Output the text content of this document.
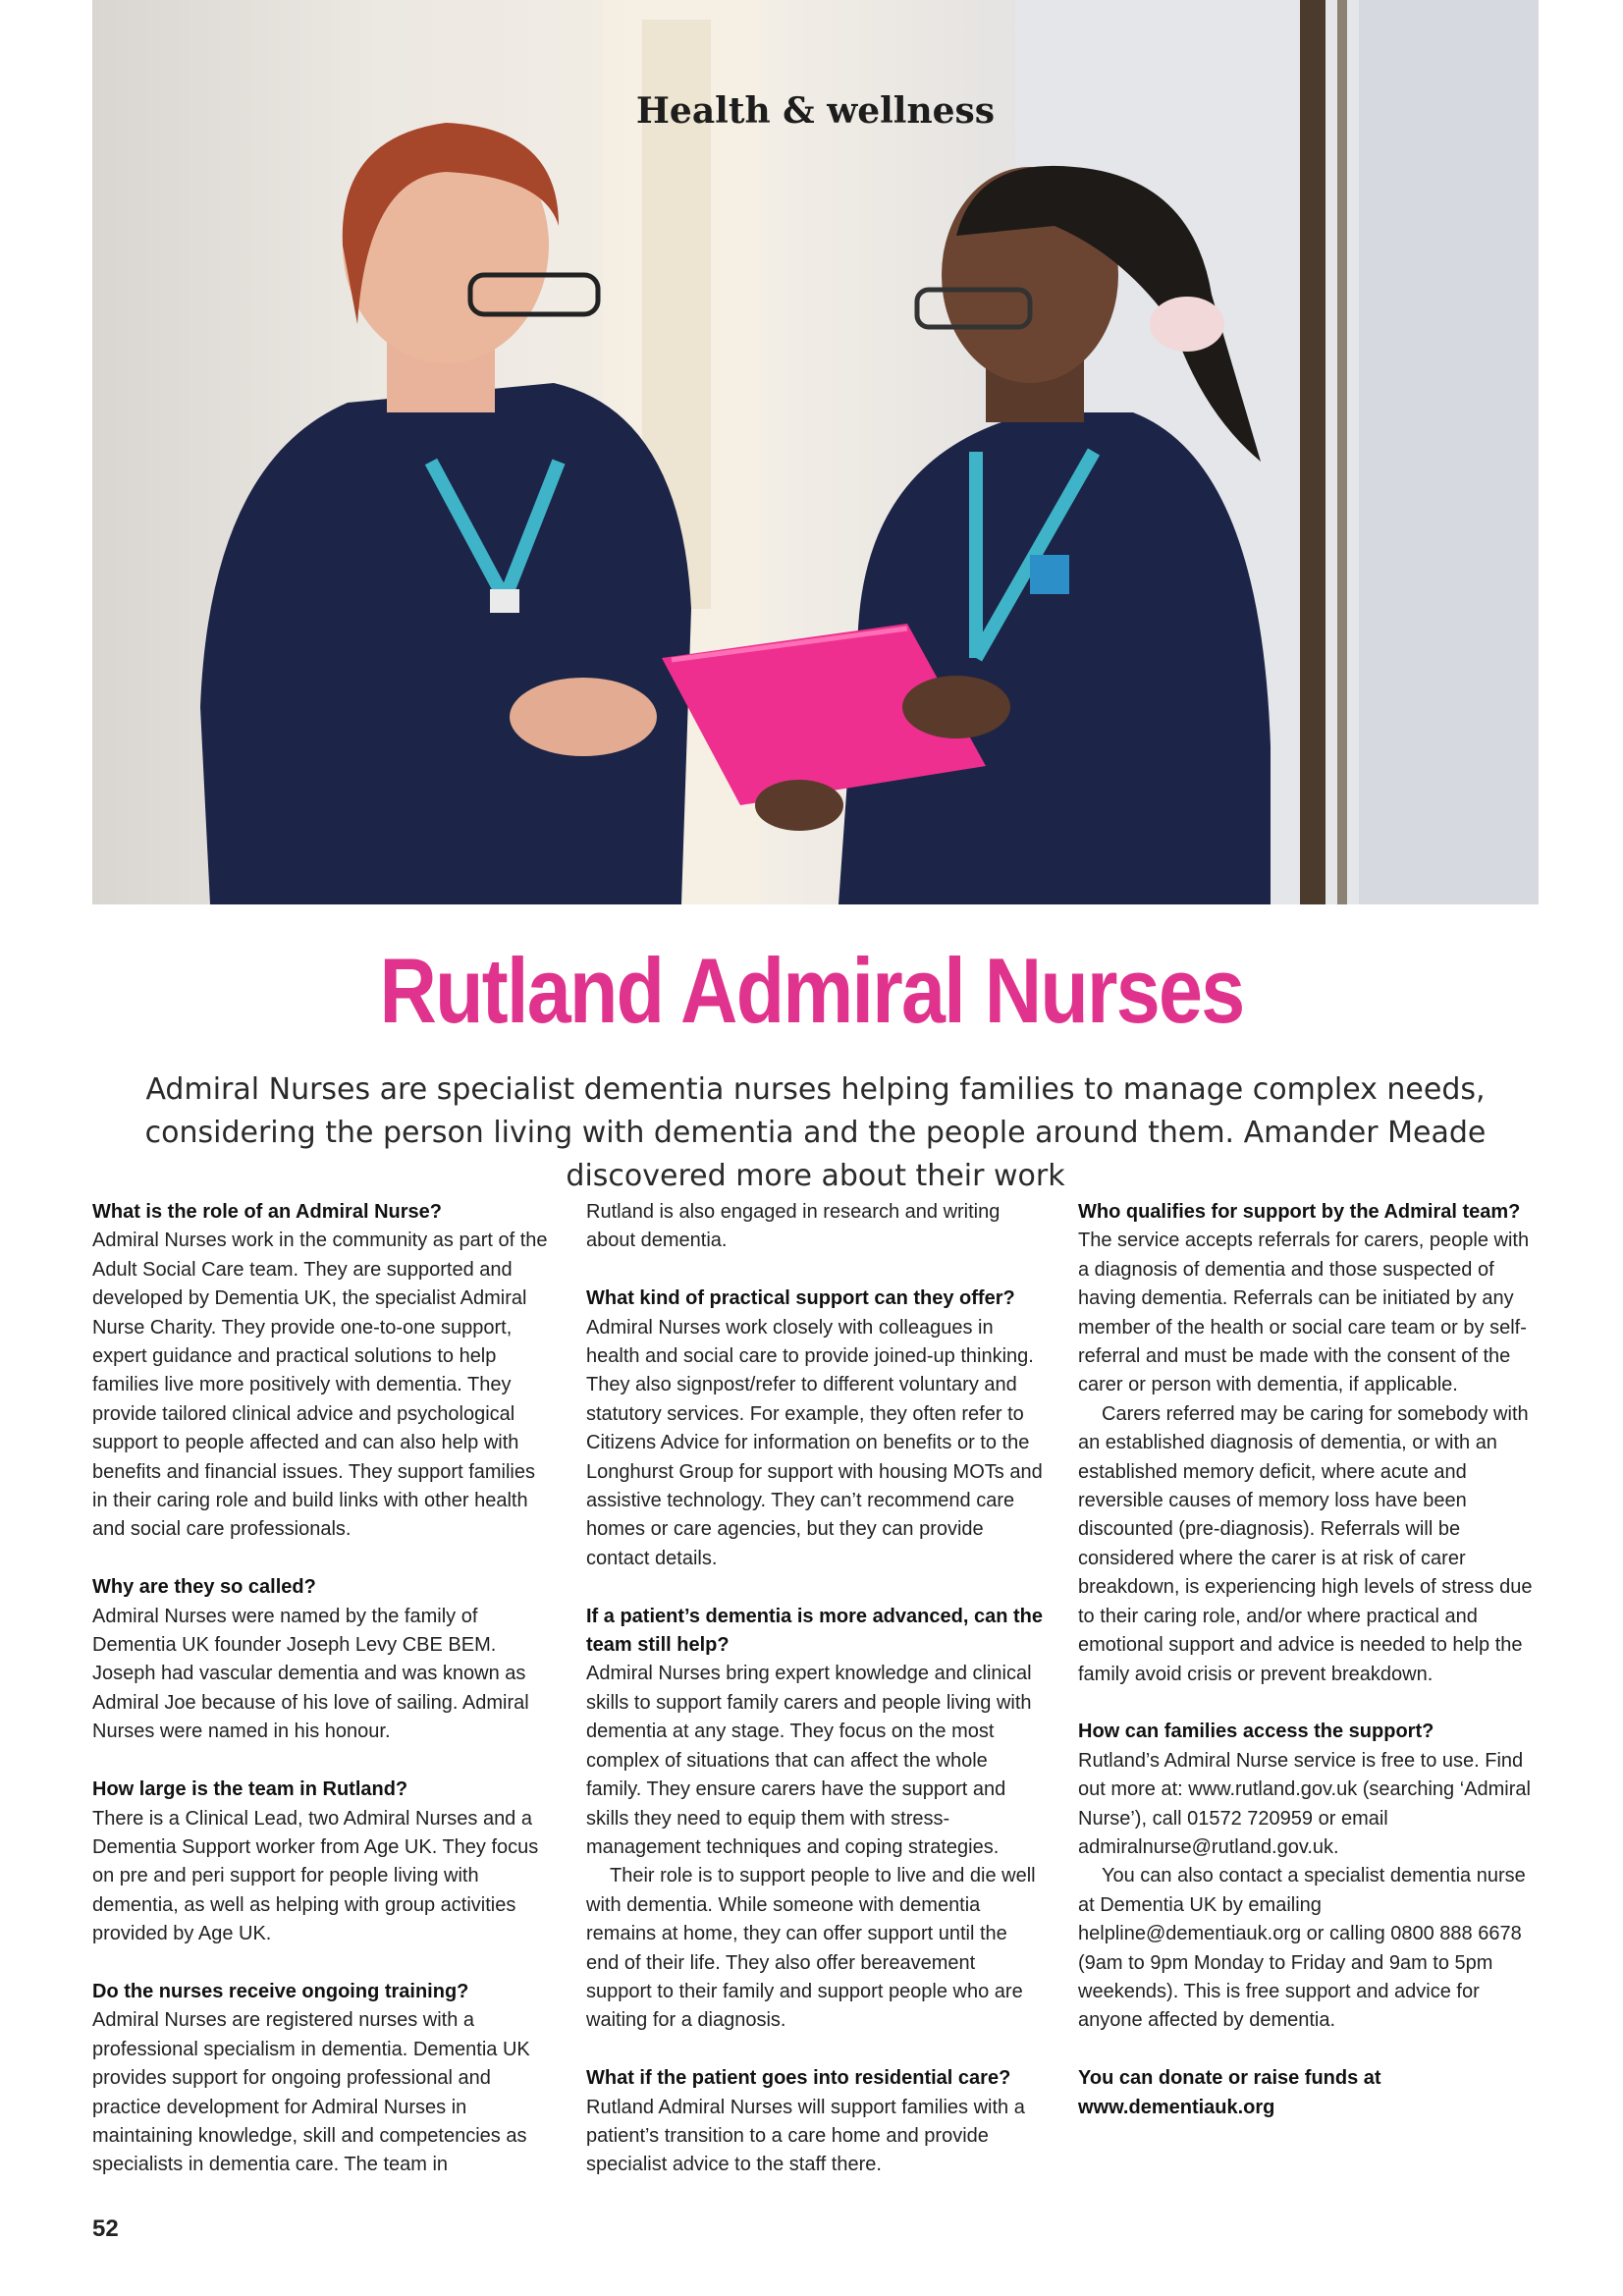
Health & wellness
Rutland Admiral Nurses
Admiral Nurses are specialist dementia nurses helping families to manage complex needs, considering the person living with dementia and the people around them. Amander Meade discovered more about their work
What is the role of an Admiral Nurse?

Admiral Nurses work in the community as part of the Adult Social Care team. They are supported and developed by Dementia UK, the specialist Admiral Nurse Charity. They provide one-to-one support, expert guidance and practical solutions to help families live more positively with dementia. They provide tailored clinical advice and psychological support to people affected and can also help with benefits and financial issues. They support families in their caring role and build links with other health and social care professionals.

Why are they so called?

Admiral Nurses were named by the family of Dementia UK founder Joseph Levy CBE BEM. Joseph had vascular dementia and was known as Admiral Joe because of his love of sailing. Admiral Nurses were named in his honour.

How large is the team in Rutland?

There is a Clinical Lead, two Admiral Nurses and a Dementia Support worker from Age UK. They focus on pre and peri support for people living with dementia, as well as helping with group activities provided by Age UK.

Do the nurses receive ongoing training?

Admiral Nurses are registered nurses with a professional specialism in dementia. Dementia UK provides support for ongoing professional and practice development for Admiral Nurses in maintaining knowledge, skill and competencies as specialists in dementia care. The team in

Rutland is also engaged in research and writing about dementia.

What kind of practical support can they offer?

Admiral Nurses work closely with colleagues in health and social care to provide joined-up thinking. They also signpost/refer to different voluntary and statutory services. For example, they often refer to Citizens Advice for information on benefits or to the Longhurst Group for support with housing MOTs and assistive technology. They can’t recommend care homes or care agencies, but they can provide contact details.

If a patient’s dementia is more advanced, can the team still help?

Admiral Nurses bring expert knowledge and clinical skills to support family carers and people living with dementia at any stage. They focus on the most complex of situations that can affect the whole family. They ensure carers have the support and skills they need to equip them with stress-management techniques and coping strategies.

Their role is to support people to live and die well with dementia. While someone with dementia remains at home, they can offer support until the end of their life. They also offer bereavement support to their family and support people who are waiting for a diagnosis.

What if the patient goes into residential care?

Rutland Admiral Nurses will support families with a patient’s transition to a care home and provide specialist advice to the staff there.

Who qualifies for support by the Admiral team?

The service accepts referrals for carers, people with a diagnosis of dementia and those suspected of having dementia. Referrals can be initiated by any member of the health or social care team or by self-referral and must be made with the consent of the carer or person with dementia, if applicable.

Carers referred may be caring for somebody with an established diagnosis of dementia, or with an established memory deficit, where acute and reversible causes of memory loss have been discounted (pre-diagnosis). Referrals will be considered where the carer is at risk of carer breakdown, is experiencing high levels of stress due to their caring role, and/or where practical and emotional support and advice is needed to help the family avoid crisis or prevent breakdown.

How can families access the support?

Rutland’s Admiral Nurse service is free to use. Find out more at: www.rutland.gov.uk (searching ‘Admiral Nurse’), call 01572 720959 or email admiralnurse@rutland.gov.uk.

You can also contact a specialist dementia nurse at Dementia UK by emailing helpline@dementiauk.org or calling 0800 888 6678 (9am to 9pm Monday to Friday and 9am to 5pm weekends). This is free support and advice for anyone affected by dementia.

You can donate or raise funds at www.dementiauk.org

52
